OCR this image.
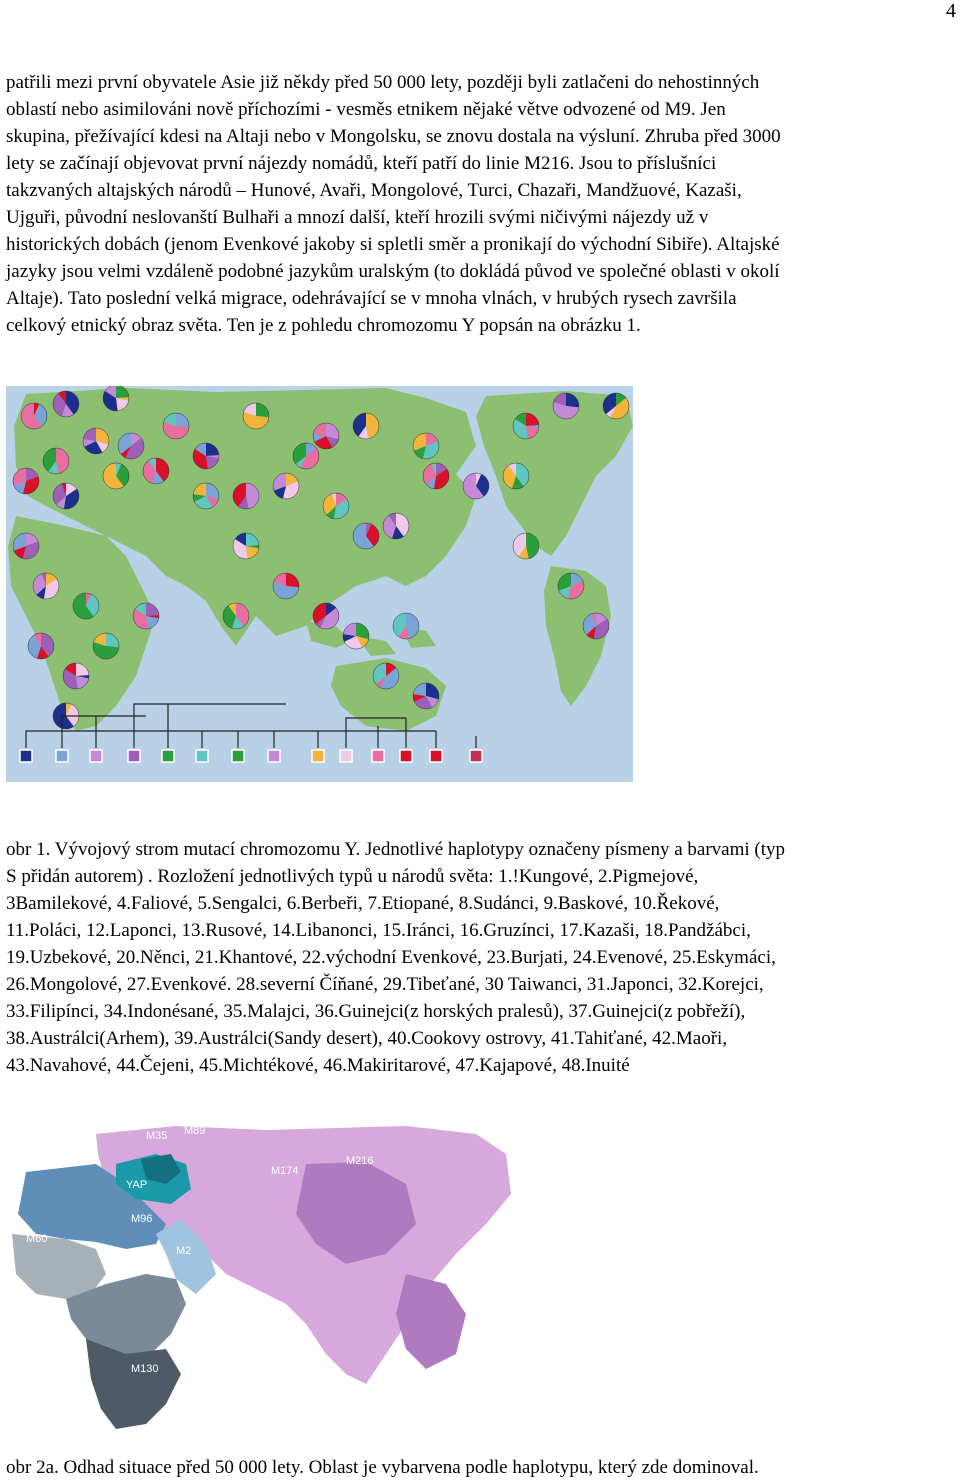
4
patřili mezi první obyvatele Asie již někdy před 50 000 lety, později byli zatlačeni do nehostinných
oblastí nebo asimilováni nově příchozími - vesměs etnikem nějaké větve odvozené od M9. Jen
skupina, přežívající kdesi na Altaji nebo v Mongolsku, se znovu dostala na výsluní. Zhruba před 3000
lety se začínají objevovat první nájezdy nomádů, kteří patří do linie M216. Jsou to příslušníci
takzvaných altajských národů – Hunové, Avaři, Mongolové, Turci, Chazaři, Mandžuové, Kazaši,
Ujguři, původní neslovanští Bulhaři a mnozí další, kteří hrozili svými ničivými nájezdy už v
historických dobách (jenom Evenkové jakoby si spletli směr a pronikají do východní Sibiře). Altajské
jazyky jsou velmi vzdáleně podobné jazykům uralským (to dokládá původ ve společné oblasti v okolí
Altaje). Tato poslední velká migrace, odehrávající se v mnoha vlnách, v hrubých rysech završila
celkový etnický obraz světa. Ten je z pohledu chromozomu Y popsán na obrázku 1.
obr 1. Vývojový strom mutací chromozomu Y. Jednotlivé haplotypy označeny písmeny a barvami (typ
S přidán autorem) . Rozložení jednotlivých typů u národů světa: 1.!Kungové, 2.Pigmejové,
3Bamilekové, 4.Faliové, 5.Sengalci, 6.Berbeři, 7.Etiopané, 8.Sudánci, 9.Baskové, 10.Řekové,
11.Poláci, 12.Laponci, 13.Rusové, 14.Libanonci, 15.Iránci, 16.Gruzínci, 17.Kazaši, 18.Pandžábci,
19.Uzbekové, 20.Něnci, 21.Khantové, 22.východní Evenkové, 23.Burjati, 24.Evenové, 25.Eskymáci,
26.Mongolové, 27.Evenkové. 28.severní Číňané, 29.Tibeťané, 30 Taiwanci, 31.Japonci, 32.Korejci,
33.Filipínci, 34.Indonésané, 35.Malajci, 36.Guinejci(z horských pralesů), 37.Guinejci(z pobřeží),
38.Austrálci(Arhem), 39.Austrálci(Sandy desert), 40.Cookovy ostrovy, 41.Tahiťané, 42.Maoři,
43.Navahové, 44.Čejeni, 45.Michtékové, 46.Makiritarové, 47.Kajapové, 48.Inuité
M89
M174
M216
M96
M35
YAP
M2
M60
M91
M130
obr 2a. Odhad situace před 50 000 lety. Oblast je vybarvena podle haplotypu, který zde dominoval.
